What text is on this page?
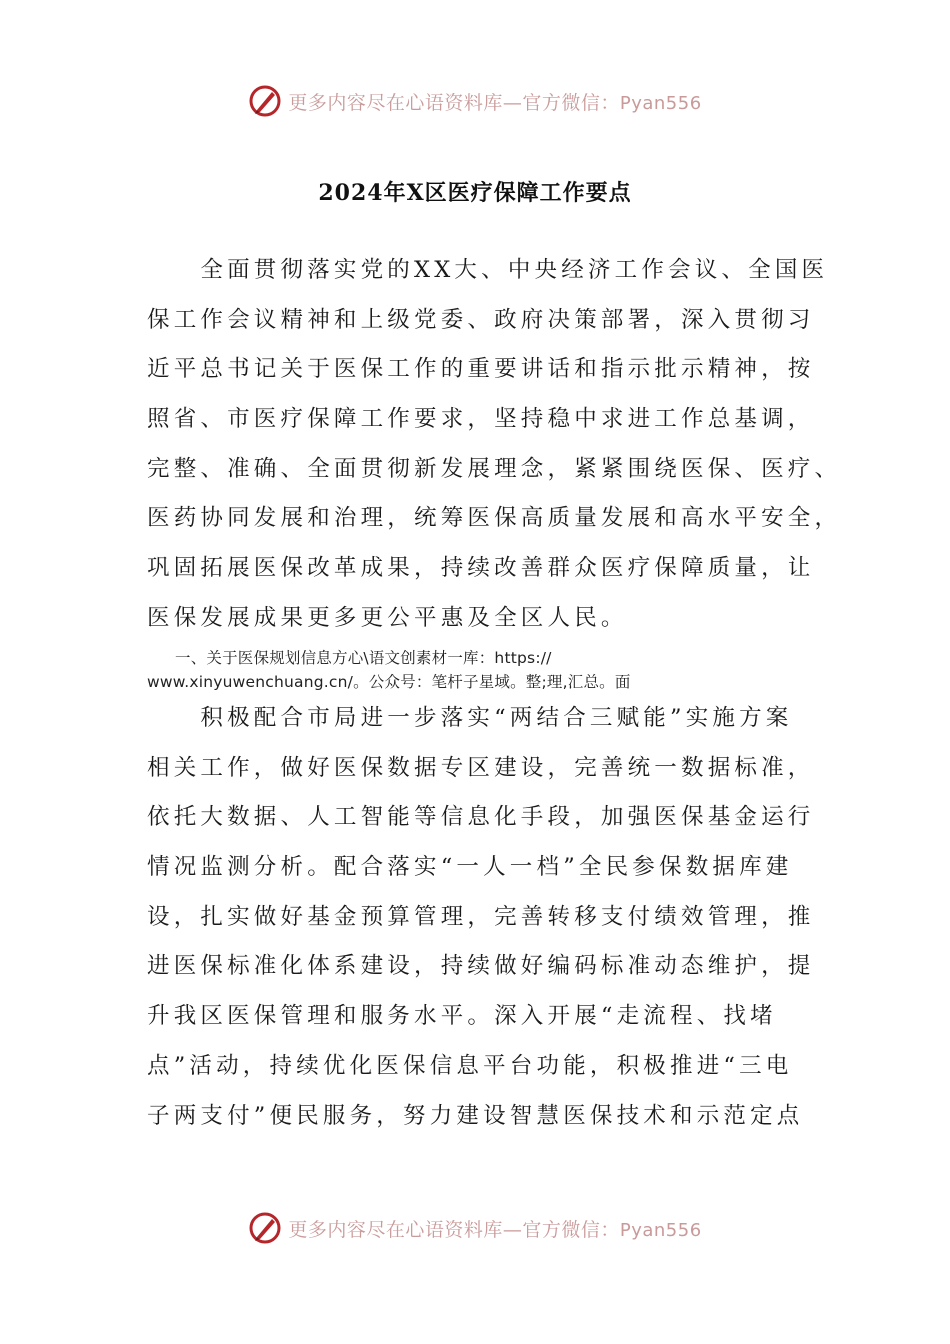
更多内容尽在心语资料库—官方微信：Pyan556
2024年X区医疗保障工作要点
　　全面贯彻落实党的XX大、中央经济工作会议、全国医
保工作会议精神和上级党委、政府决策部署，深入贯彻习
近平总书记关于医保工作的重要讲话和指示批示精神，按
照省、市医疗保障工作要求，坚持稳中求进工作总基调，
完整、准确、全面贯彻新发展理念，紧紧围绕医保、医疗、
医药协同发展和治理，统筹医保高质量发展和高水平安全，
巩固拓展医保改革成果，持续改善群众医疗保障质量，让
医保发展成果更多更公平惠及全区人民。
一、关于医保规划信息方心\语文创素材一库：https://
www.xinyuwenchuang.cn/。公众号：笔杆子星域。整;理,汇总。面
　　积极配合市局进一步落实“两结合三赋能”实施方案
相关工作，做好医保数据专区建设，完善统一数据标准，
依托大数据、人工智能等信息化手段，加强医保基金运行
情况监测分析。配合落实“一人一档”全民参保数据库建
设，扎实做好基金预算管理，完善转移支付绩效管理，推
进医保标准化体系建设，持续做好编码标准动态维护，提
升我区医保管理和服务水平。深入开展“走流程、找堵
点”活动，持续优化医保信息平台功能，积极推进“三电
子两支付”便民服务，努力建设智慧医保技术和示范定点
更多内容尽在心语资料库—官方微信：Pyan556
